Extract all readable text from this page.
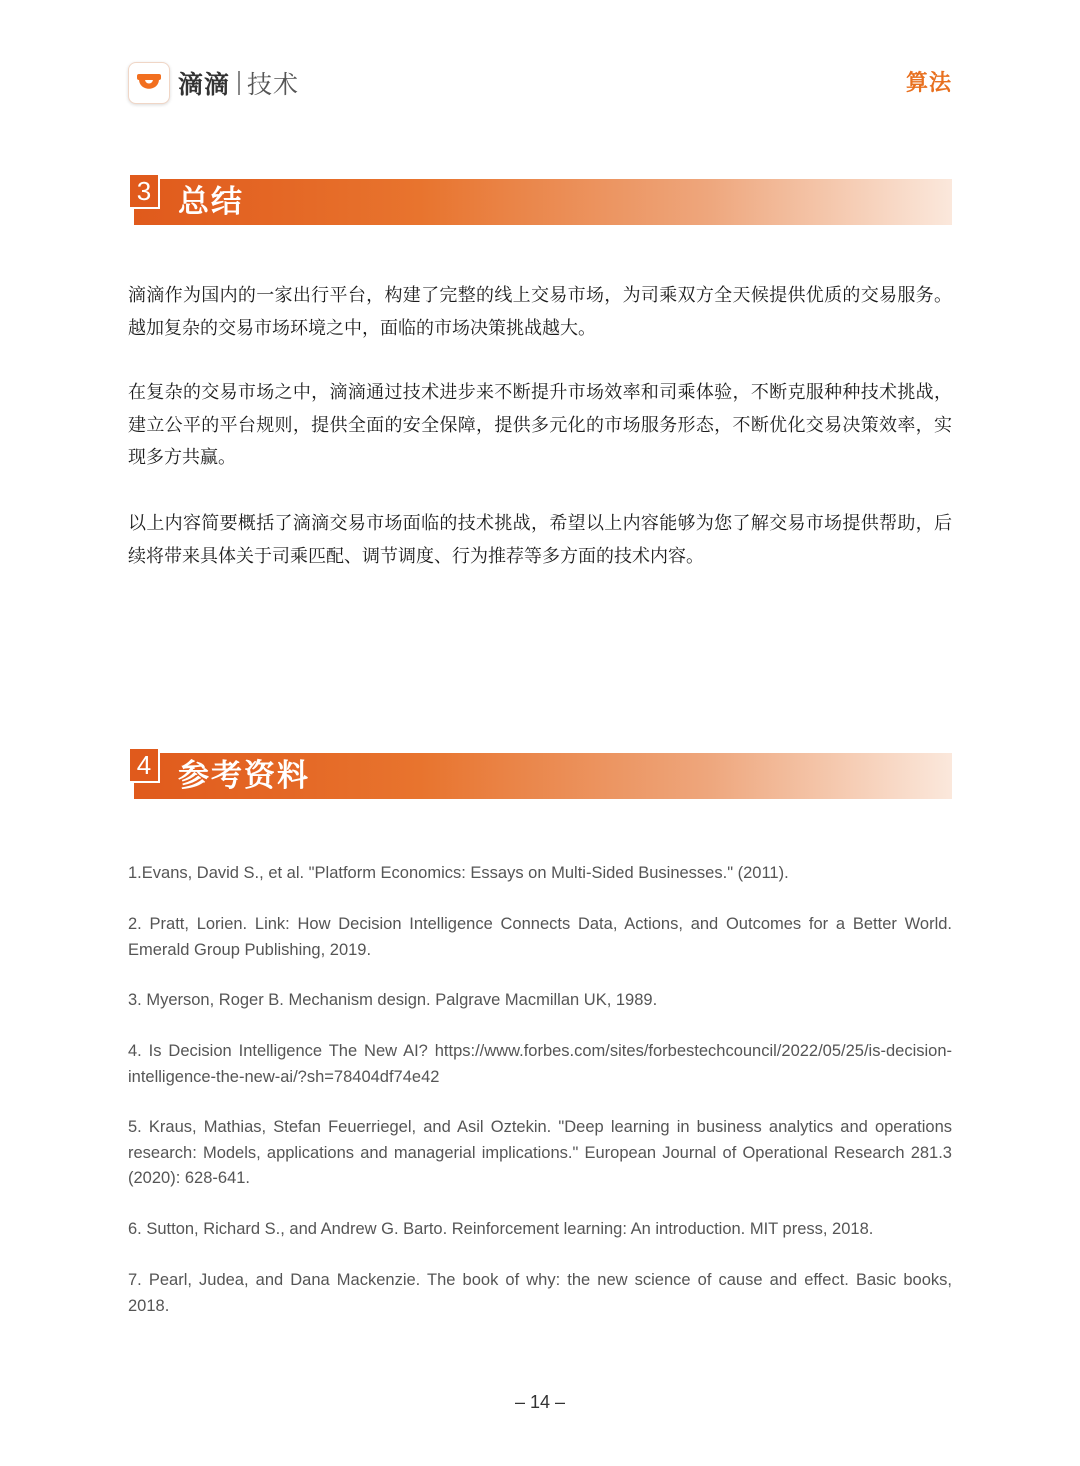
滴滴 技术	算法
3 总结

滴滴作为国内的一家出行平台，构建了完整的线上交易市场，为司乘双方全天候提供优质的交易服务。越加复杂的交易市场环境之中，面临的市场决策挑战越大。

在复杂的交易市场之中，滴滴通过技术进步来不断提升市场效率和司乘体验，不断克服种种技术挑战，建立公平的平台规则，提供全面的安全保障，提供多元化的市场服务形态，不断优化交易决策效率，实现多方共赢。

以上内容简要概括了滴滴交易市场面临的技术挑战，希望以上内容能够为您了解交易市场提供帮助，后续将带来具体关于司乘匹配、调节调度、行为推荐等多方面的技术内容。

4 参考资料

1.Evans, David S., et al. "Platform Economics: Essays on Multi-Sided Businesses." (2011).

2. Pratt, Lorien. Link: How Decision Intelligence Connects Data, Actions, and Outcomes for a Better World. Emerald Group Publishing, 2019.

3. Myerson, Roger B. Mechanism design. Palgrave Macmillan UK, 1989.

4. Is Decision Intelligence The New AI? https://www.forbes.com/sites/forbestechcouncil/2022/05/25/is-decision-intelligence-the-new-ai/?sh=78404df74e42

5. Kraus, Mathias, Stefan Feuerriegel, and Asil Oztekin. "Deep learning in business analytics and operations research: Models, applications and managerial implications." European Journal of Operational Research 281.3 (2020): 628-641.

6. Sutton, Richard S., and Andrew G. Barto. Reinforcement learning: An introduction. MIT press, 2018.

7. Pearl, Judea, and Dana Mackenzie. The book of why: the new science of cause and effect. Basic books, 2018.

– 14 –
